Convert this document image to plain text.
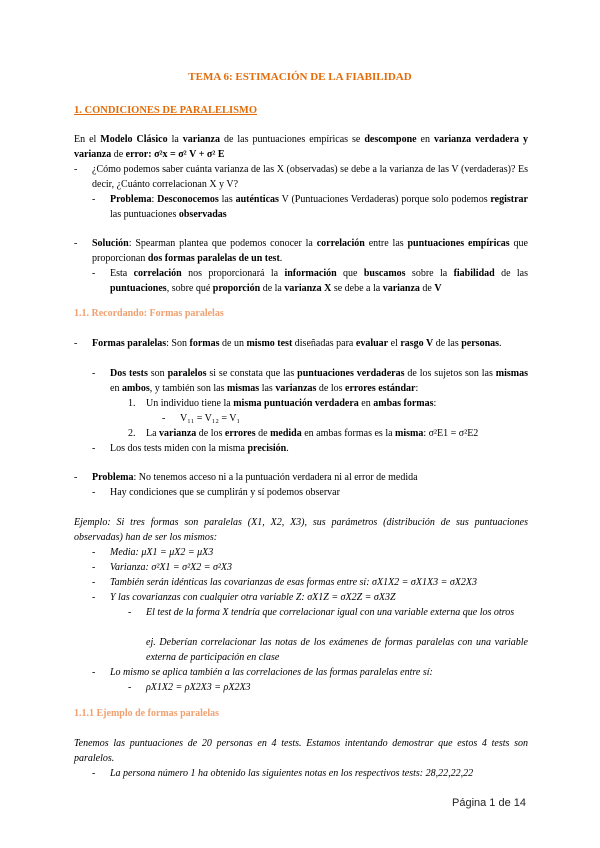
TEMA 6: ESTIMACIÓN DE LA FIABILIDAD
1. CONDICIONES DE PARALELISMO
En el Modelo Clásico la varianza de las puntuaciones empíricas se descompone en varianza verdadera y varianza de error: σ²x = σ² V + σ² E
- ¿Cómo podemos saber cuánta varianza de las X (observadas) se debe a la varianza de las V (verdaderas)? Es decir, ¿Cuánto correlacionan X y V?
- Problema: Desconocemos las auténticas V (Puntuaciones Verdaderas) porque solo podemos registrar las puntuaciones observadas
- Solución: Spearman plantea que podemos conocer la correlación entre las puntuaciones empíricas que proporcionan dos formas paralelas de un test.
- Esta correlación nos proporcionará la información que buscamos sobre la fiabilidad de las puntuaciones, sobre qué proporción de la varianza X se debe a la varianza de V
1.1. Recordando: Formas paralelas
- Formas paralelas: Son formas de un mismo test diseñadas para evaluar el rasgo V de las personas.
- Dos tests son paralelos si se constata que las puntuaciones verdaderas de los sujetos son las mismas en ambos, y también son las mismas las varianzas de los errores estándar:
1. Un individuo tiene la misma puntuación verdadera en ambas formas:
- V₁₁ = V₁₂ = V₁
2. La varianza de los errores de medida en ambas formas es la misma: σ²E1 = σ²E2
- Los dos tests miden con la misma precisión.
- Problema: No tenemos acceso ni a la puntuación verdadera ni al error de medida
- Hay condiciones que se cumplirán y sí podemos observar
Ejemplo: Si tres formas son paralelas (X1, X2, X3), sus parámetros (distribución de sus puntuaciones observadas) han de ser los mismos:
- Media: μX1 = μX2 = μX3
- Varianza: σ²X1 = σ²X2 = σ²X3
- También serán idénticas las covarianzas de esas formas entre sí: σX1X2 = σX1X3 = σX2X3
- Y las covarianzas con cualquier otra variable Z: σX1Z = σX2Z = σX3Z
- El test de la forma X tendría que correlacionar igual con una variable externa que los otros
ej. Deberían correlacionar las notas de los exámenes de formas paralelas con una variable externa de participación en clase
- Lo mismo se aplica también a las correlaciones de las formas paralelas entre sí:
- ρX1X2 = ρX2X3 = ρX2X3
1.1.1 Ejemplo de formas paralelas
Tenemos las puntuaciones de 20 personas en 4 tests. Estamos intentando demostrar que estos 4 tests son paralelos.
- La persona número 1 ha obtenido las siguientes notas en los respectivos tests: 28,22,22,22
Página 1 de 14
